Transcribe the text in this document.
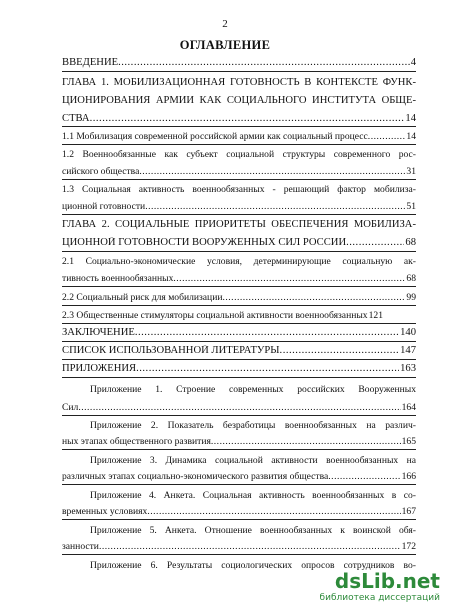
2
ОГЛАВЛЕНИЕ
ВВЕДЕНИЕ .....	4
ГЛАВА 1. МОБИЛИЗАЦИОННАЯ ГОТОВНОСТЬ В КОНТЕКСТЕ ФУНК-
ЦИОНИРОВАНИЯ АРМИИ КАК СОЦИАЛЬНОГО ИНСТИТУТА ОБЩЕ-
СТВА .....	14
1.1 Мобилизация современной российской армии как социальный процесс .....	14
1.2 Военнообязанные как субъект социальной структуры современного рос-
сийского общества .....	31
1.3 Социальная активность военнообязанных - решающий фактор мобилиза-
ционной готовности .....	51
ГЛАВА 2. СОЦИАЛЬНЫЕ ПРИОРИТЕТЫ ОБЕСПЕЧЕНИЯ МОБИЛИЗА-
ЦИОННОЙ ГОТОВНОСТИ ВООРУЖЕННЫХ СИЛ РОССИИ .....	68
2.1 Социально-экономические условия, детерминирующие социальную ак-
тивность военнообязанных .....	68
2.2 Социальный риск для мобилизации .....	99
2.3 Общественные стимуляторы социальной активности военнообязанных 121
ЗАКЛЮЧЕНИЕ .....	140
СПИСОК ИСПОЛЬЗОВАННОЙ ЛИТЕРАТУРЫ .....	147
ПРИЛОЖЕНИЯ .....	163
Приложение 1. Строение современных российских Вооруженных
Сил .....	164
Приложение 2. Показатель безработицы военнообязанных на различ-
ных этапах общественного развития .....	165
Приложение 3. Динамика социальной активности военнообязанных на
различных этапах социально-экономического развития общества .....	166
Приложение 4. Анкета. Социальная активность военнообязанных в со-
временных условиях .....	167
Приложение 5. Анкета. Отношение военнообязанных к воинской обя-
занности .....	172
Приложение 6. Результаты социологических опросов сотрудников во-
dsLib.net
библиотека диссертаций
